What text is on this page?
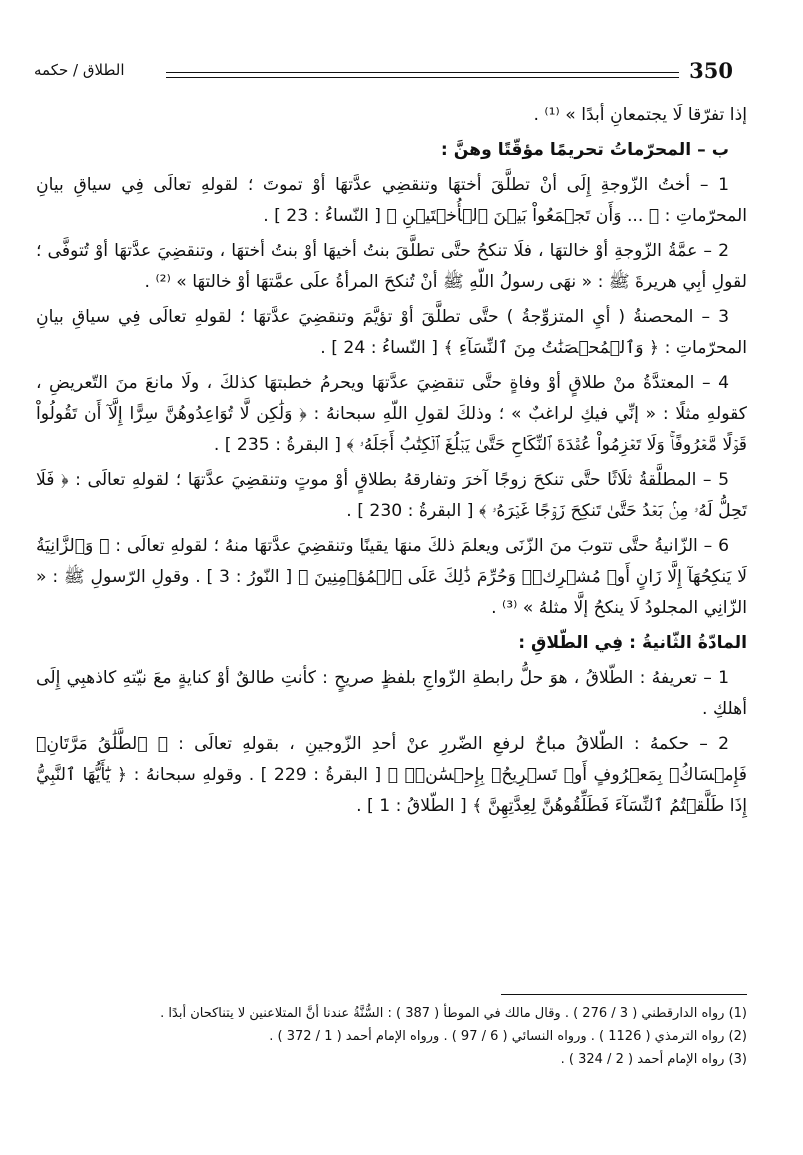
الطلاق / حكمه	350

إذا تفرّقا لَا يجتمعانِ أبدًا » ⁽¹⁾ .

ب – المحرّماتُ تحريمًا مؤقّتًا وهنَّ :

1 – أختُ الزّوجةِ إِلَى أنْ تطلَّقَ أختهَا وتنقضِي عدَّتهَا أوْ تموتَ ؛ لقولهِ تعالَى فِي سياقِ بيانِ المحرّماتِ : ﴿ ... وَأَن تَجۡمَعُواْ بَيۡنَ ٱلۡأُخۡتَيۡنِ ﴾ [ النّساءُ : 23 ] .

2 – عمَّةُ الزّوجةِ أوْ خالتهَا ، فلَا تنكحُ حتَّى تطلَّقَ بنتُ أخيهَا أوْ بنتُ أختهَا ، وتنقضِيَ عدَّتهَا أوْ تُتوفَّى ؛ لقولِ أبِي هريرةَ ﷺ : « نهَى رسولُ اللّهِ ﷺ أنْ تُنكحَ المرأةُ علَى عمَّتهَا أوْ خالتهَا » ⁽²⁾ .

3 – المحصنةُ ( أيِ المتزوِّجةُ ) حتَّى تطلَّقَ أوْ تؤيَّمَ وتنقضِيَ عدَّتهَا ؛ لقولهِ تعالَى فِي سياقِ بيانِ المحرّماتِ : ﴿ وَٱلۡمُحۡصَنَٰتُ مِنَ ٱلنِّسَآءِ ﴾ [ النّساءُ : 24 ] .

4 – المعتدَّةُ منْ طلاقٍ أوْ وفاةٍ حتَّى تنقضِيَ عدَّتهَا ويحرمُ خطبتهَا كذلكَ ، ولَا مانعَ منَ التّعريضِ ، كقولهِ مثلًا : « إنِّي فيكِ لراغبٌ » ؛ وذلكَ لقولِ اللّهِ سبحانهُ : ﴿ وَلَٰكِن لَّا تُوَاعِدُوهُنَّ سِرًّا إِلَّآ أَن تَقُولُواْ قَوۡلًا مَّعۡرُوفًاۚ وَلَا تَعۡزِمُواْ عُقۡدَةَ ٱلنِّكَاحِ حَتَّىٰ يَبۡلُغَ ٱلۡكِتَٰبُ أَجَلَهُۥ ﴾ [ البقرةُ : 235 ] .

5 – المطلَّقةُ ثلَاثًا حتَّى تنكحَ زوجًا آخرَ وتفارقهُ بطلاقٍ أوْ موتٍ وتنقضِيَ عدَّتهَا ؛ لقولهِ تعالَى : ﴿ فَلَا تَحِلُّ لَهُۥ مِنۢ بَعۡدُ حَتَّىٰ تَنكِحَ زَوۡجًا غَيۡرَهُۥ ﴾ [ البقرةُ : 230 ] .

6 – الزّانيةُ حتَّى تتوبَ منَ الزّنَى ويعلمَ ذلكَ منهَا يقينًا وتنقضِيَ عدَّتهَا منهُ ؛ لقولهِ تعالَى : ﴿ وَٱلزَّانِيَةُ لَا يَنكِحُهَآ إِلَّا زَانٍ أَوۡ مُشۡرِكٞۚ وَحُرِّمَ ذَٰلِكَ عَلَى ٱلۡمُؤۡمِنِينَ ﴾ [ النّورُ : 3 ] . وقولِ الرّسولِ ﷺ : « الزّانِي المجلودُ لَا ينكحُ إلَّا مثلهُ » ⁽³⁾ .

المادّةُ الثّانيةُ : فِي الطّلاقِ :

1 – تعريفهُ : الطّلاقُ ، هوَ حلُّ رابطةِ الزّواجِ بلفظٍ صريحٍ : كأنتِ طالقٌ أوْ كنايةٍ معَ نيّتهِ كاذهبِي إِلَى أهلكِ .

2 – حكمهُ : الطّلاقُ مباحٌ لرفعِ الضّررِ عنْ أحدِ الزّوجينِ ، بقولهِ تعالَى : ﴿ ٱلطَّلَٰقُ مَرَّتَانِۖ فَإِمۡسَاكُۢ بِمَعۡرُوفٍ أَوۡ تَسۡرِيحُۢ بِإِحۡسَٰنٖۗ ﴾ [ البقرةُ : 229 ] . وقولهِ سبحانهُ : ﴿ يَٰٓأَيُّهَا ٱلنَّبِيُّ إِذَا طَلَّقۡتُمُ ٱلنِّسَآءَ فَطَلِّقُوهُنَّ لِعِدَّتِهِنَّ ﴾ [ الطّلاقُ : 1 ] .

(1) رواه الدارقطني ( 3 / 276 ) . وقال مالك في الموطأ ( 387 ) : السُّنَّةُ عندنا أنَّ المتلاعنين لا يتناكحان أبدًا .
(2) رواه الترمذي ( 1126 ) . ورواه النسائي ( 6 / 97 ) . ورواه الإمام أحمد ( 1 / 372 ) .
(3) رواه الإمام أحمد ( 2 / 324 ) .
